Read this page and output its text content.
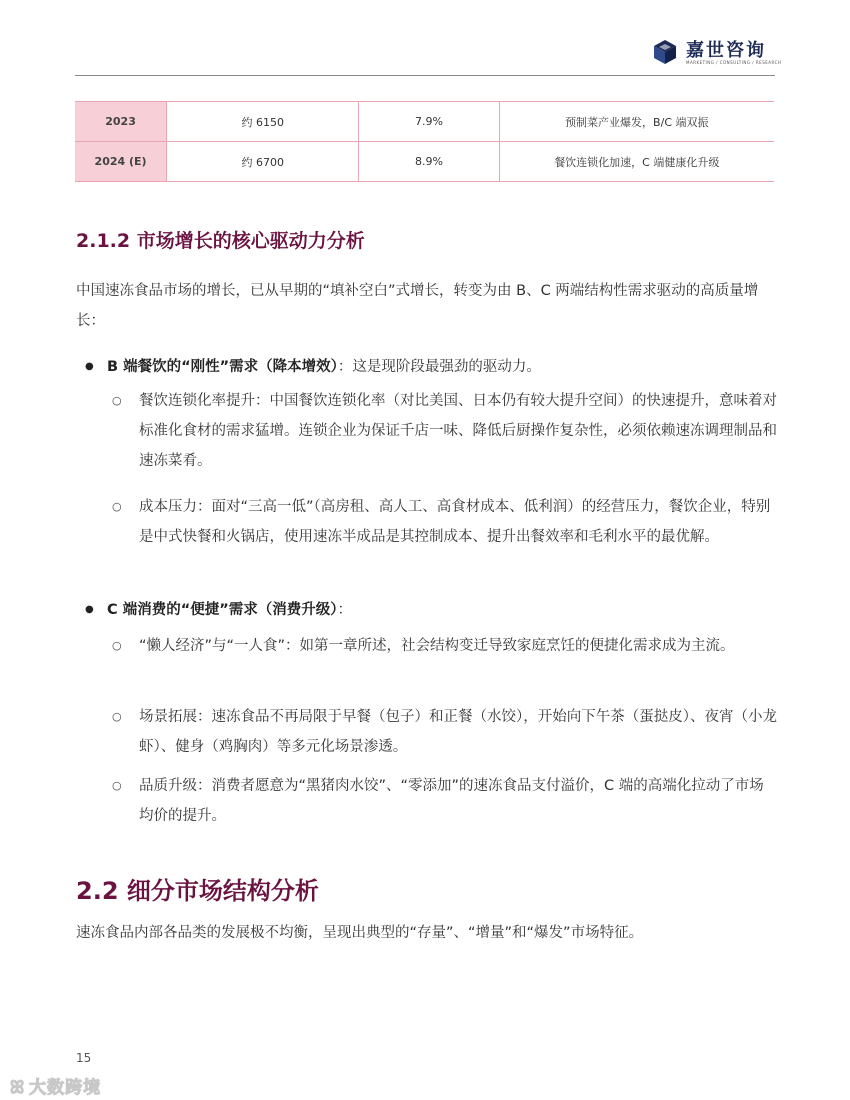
嘉世咨询
MARKETING / CONSULTING / RESEARCH
2023	约 6150	7.9%	预制菜产业爆发，B/C 端双振
2024 (E)	约 6700	8.9%	餐饮连锁化加速，C 端健康化升级
2.1.2 市场增长的核心驱动力分析
中国速冻食品市场的增长，已从早期的“填补空白”式增长，转变为由 B、C 两端结构性需求驱动的高质量增长：
● B 端餐饮的“刚性”需求（降本增效）：这是现阶段最强劲的驱动力。
○ 餐饮连锁化率提升：中国餐饮连锁化率（对比美国、日本仍有较大提升空间）的快速提升，意味着对标准化食材的需求猛增。连锁企业为保证千店一味、降低后厨操作复杂性，必须依赖速冻调理制品和速冻菜肴。
○ 成本压力：面对“三高一低”（高房租、高人工、高食材成本、低利润）的经营压力，餐饮企业，特别是中式快餐和火锅店，使用速冻半成品是其控制成本、提升出餐效率和毛利水平的最优解。
● C 端消费的“便捷”需求（消费升级）：
○ “懒人经济”与“一人食”：如第一章所述，社会结构变迁导致家庭烹饪的便捷化需求成为主流。
○ 场景拓展：速冻食品不再局限于早餐（包子）和正餐（水饺），开始向下午茶（蛋挞皮）、夜宵（小龙虾）、健身（鸡胸肉）等多元化场景渗透。
○ 品质升级：消费者愿意为“黑猪肉水饺”、“零添加”的速冻食品支付溢价，C 端的高端化拉动了市场均价的提升。
2.2 细分市场结构分析
速冻食品内部各品类的发展极不均衡，呈现出典型的“存量”、“增量”和“爆发”市场特征。
15
ꕤ 大数跨境
